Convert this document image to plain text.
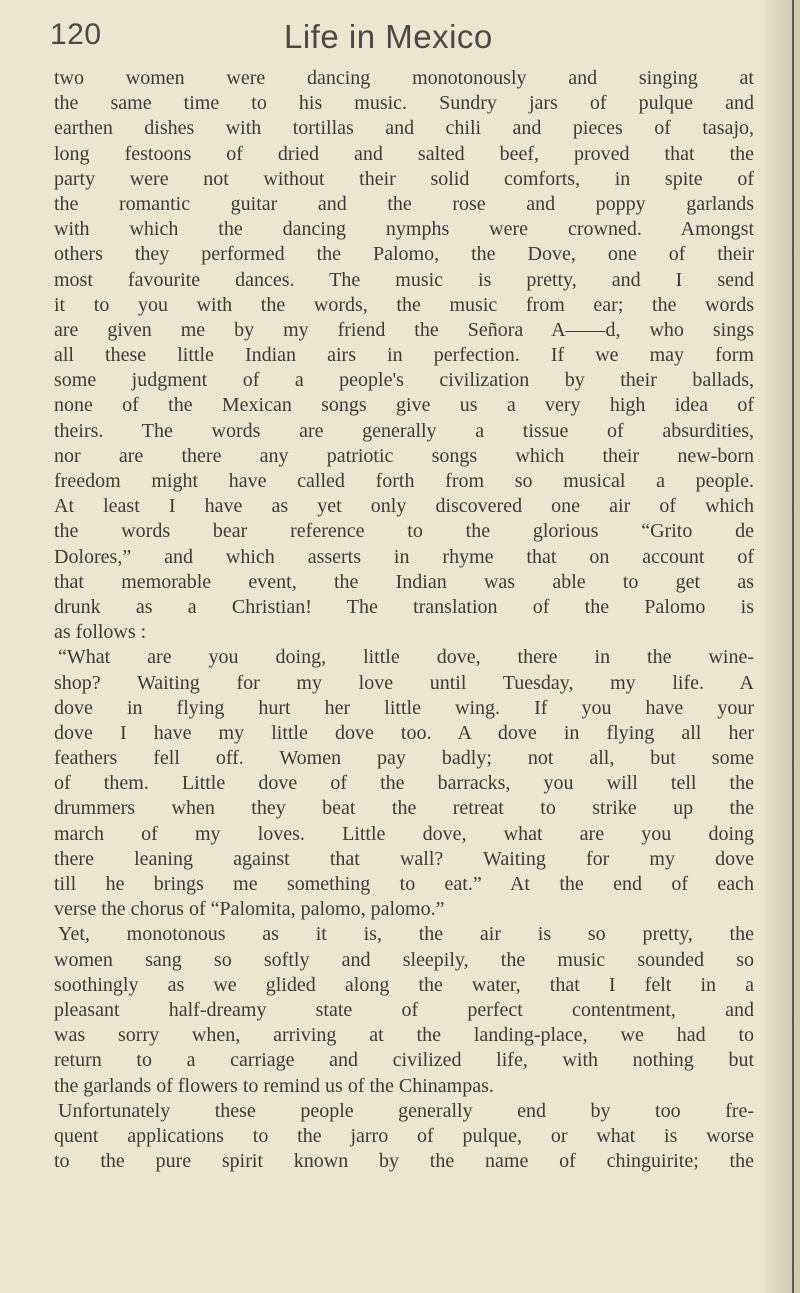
120	Life in Mexico
two women were dancing monotonously and singing at
the same time to his music. Sundry jars of pulque and
earthen dishes with tortillas and chili and pieces of tasajo,
long festoons of dried and salted beef, proved that the
party were not without their solid comforts, in spite of
the romantic guitar and the rose and poppy garlands
with which the dancing nymphs were crowned. Amongst
others they performed the Palomo, the Dove, one of their
most favourite dances. The music is pretty, and I send
it to you with the words, the music from ear; the words
are given me by my friend the Señora A——d, who sings
all these little Indian airs in perfection. If we may form
some judgment of a people's civilization by their ballads,
none of the Mexican songs give us a very high idea of
theirs. The words are generally a tissue of absurdities,
nor are there any patriotic songs which their new-born
freedom might have called forth from so musical a people.
At least I have as yet only discovered one air of which
the words bear reference to the glorious “Grito de
Dolores,” and which asserts in rhyme that on account of
that memorable event, the Indian was able to get as
drunk as a Christian! The translation of the Palomo is
as follows :
“What are you doing, little dove, there in the wine-
shop? Waiting for my love until Tuesday, my life. A
dove in flying hurt her little wing. If you have your
dove I have my little dove too. A dove in flying all her
feathers fell off. Women pay badly; not all, but some
of them. Little dove of the barracks, you will tell the
drummers when they beat the retreat to strike up the
march of my loves. Little dove, what are you doing
there leaning against that wall? Waiting for my dove
till he brings me something to eat.” At the end of each
verse the chorus of “Palomita, palomo, palomo.”
Yet, monotonous as it is, the air is so pretty, the
women sang so softly and sleepily, the music sounded so
soothingly as we glided along the water, that I felt in a
pleasant half-dreamy state of perfect contentment, and
was sorry when, arriving at the landing-place, we had to
return to a carriage and civilized life, with nothing but
the garlands of flowers to remind us of the Chinampas.
Unfortunately these people generally end by too fre-
quent applications to the jarro of pulque, or what is worse
to the pure spirit known by the name of chinguirite; the
